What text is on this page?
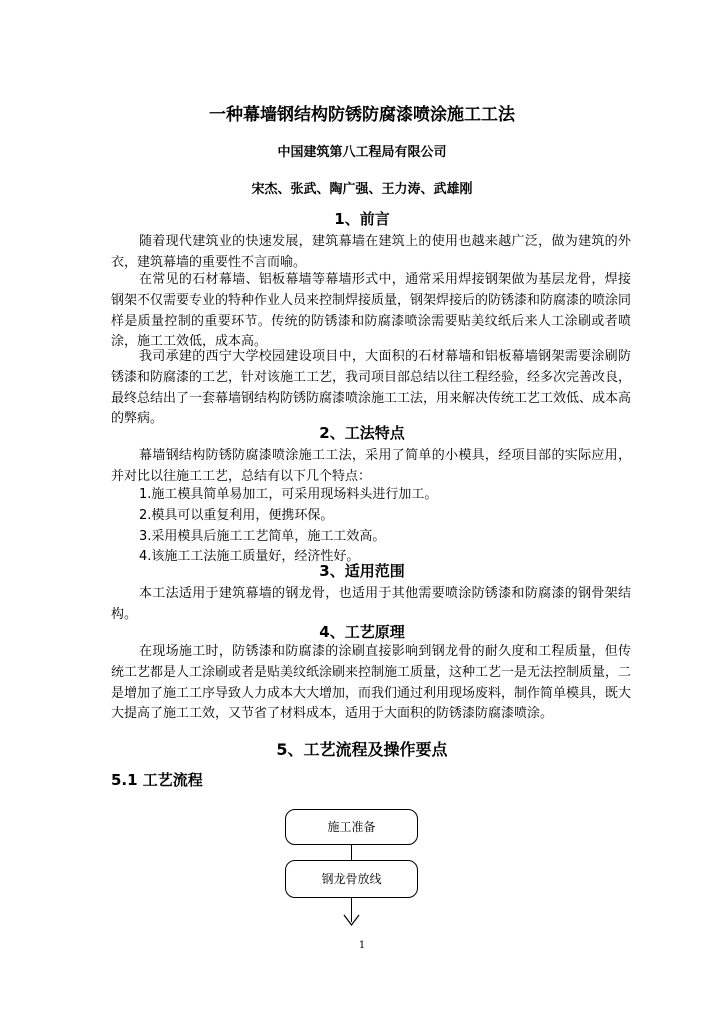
一种幕墙钢结构防锈防腐漆喷涂施工工法
中国建筑第八工程局有限公司
宋杰、张武、陶广强、王力涛、武雄刚
1、前言

随着现代建筑业的快速发展，建筑幕墙在建筑上的使用也越来越广泛，做为建筑的外衣，建筑幕墙的重要性不言而喻。

在常见的石材幕墙、铝板幕墙等幕墙形式中，通常采用焊接钢架做为基层龙骨，焊接钢架不仅需要专业的特种作业人员来控制焊接质量，钢架焊接后的防锈漆和防腐漆的喷涂同样是质量控制的重要环节。传统的防锈漆和防腐漆喷涂需要贴美纹纸后来人工涂刷或者喷涂，施工工效低，成本高。

我司承建的西宁大学校园建设项目中，大面积的石材幕墙和铝板幕墙钢架需要涂刷防锈漆和防腐漆的工艺，针对该施工工艺，我司项目部总结以往工程经验，经多次完善改良，最终总结出了一套幕墙钢结构防锈防腐漆喷涂施工工法，用来解决传统工艺工效低、成本高的弊病。

2、工法特点

幕墙钢结构防锈防腐漆喷涂施工工法，采用了简单的小模具，经项目部的实际应用，并对比以往施工工艺，总结有以下几个特点：

1.施工模具简单易加工，可采用现场料头进行加工。
2.模具可以重复利用，便携环保。
3.采用模具后施工工艺简单，施工工效高。
4.该施工工法施工质量好，经济性好。
3、适用范围

本工法适用于建筑幕墙的钢龙骨，也适用于其他需要喷涂防锈漆和防腐漆的钢骨架结构。

4、工艺原理

在现场施工时，防锈漆和防腐漆的涂刷直接影响到钢龙骨的耐久度和工程质量，但传统工艺都是人工涂刷或者是贴美纹纸涂刷来控制施工质量，这种工艺一是无法控制质量，二是增加了施工工序导致人力成本大大增加，而我们通过利用现场废料，制作简单模具，既大大提高了施工工效，又节省了材料成本，适用于大面积的防锈漆防腐漆喷涂。

5、工艺流程及操作要点
5.1 工艺流程
施工准备
钢龙骨放线
1
